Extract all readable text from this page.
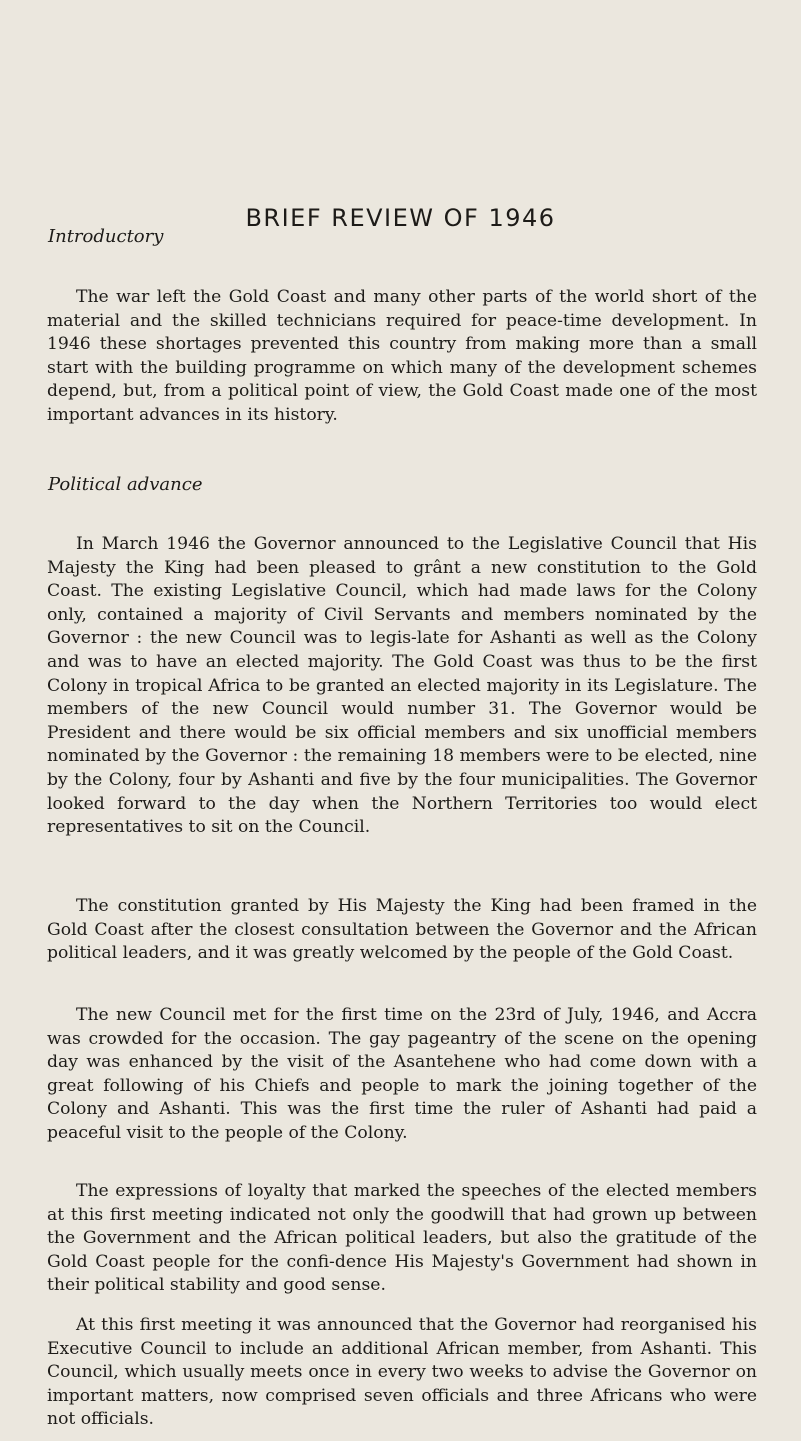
BRIEF REVIEW OF 1946
Introductory

The war left the Gold Coast and many other parts of the world short of the material and the skilled technicians required for peace-time development. In 1946 these shortages prevented this country from making more than a small start with the building programme on which many of the development schemes depend, but, from a political point of view, the Gold Coast made one of the most important advances in its history.

Political advance

In March 1946 the Governor announced to the Legislative Council that His Majesty the King had been pleased to grânt a new constitution to the Gold Coast. The existing Legislative Council, which had made laws for the Colony only, contained a majority of Civil Servants and members nominated by the Governor : the new Council was to legis-late for Ashanti as well as the Colony and was to have an elected majority. The Gold Coast was thus to be the first Colony in tropical Africa to be granted an elected majority in its Legislature. The members of the new Council would number 31. The Governor would be President and there would be six official members and six unofficial members nominated by the Governor : the remaining 18 members were to be elected, nine by the Colony, four by Ashanti and five by the four municipalities. The Governor looked forward to the day when the Northern Territories too would elect representatives to sit on the Council.

The constitution granted by His Majesty the King had been framed in the Gold Coast after the closest consultation between the Governor and the African political leaders, and it was greatly welcomed by the people of the Gold Coast.

The new Council met for the first time on the 23rd of July, 1946, and Accra was crowded for the occasion. The gay pageantry of the scene on the opening day was enhanced by the visit of the Asantehene who had come down with a great following of his Chiefs and people to mark the joining together of the Colony and Ashanti. This was the first time the ruler of Ashanti had paid a peaceful visit to the people of the Colony.

The expressions of loyalty that marked the speeches of the elected members at this first meeting indicated not only the goodwill that had grown up between the Government and the African political leaders, but also the gratitude of the Gold Coast people for the confi-dence His Majesty's Government had shown in their political stability and good sense.

At this first meeting it was announced that the Governor had reorganised his Executive Council to include an additional African member, from Ashanti. This Council, which usually meets once in every two weeks to advise the Governor on important matters, now comprised seven officials and three Africans who were not officials.
